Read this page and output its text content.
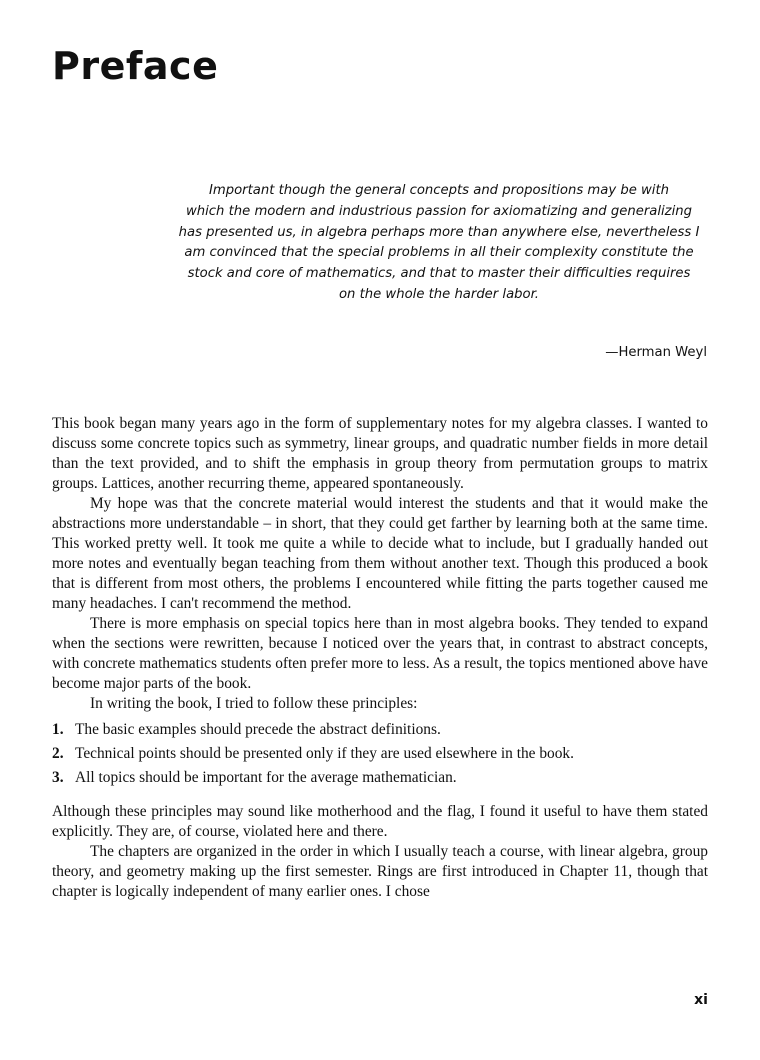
Preface
Important though the general concepts and propositions may be with
which the modern and industrious passion for axiomatizing and generalizing
has presented us, in algebra perhaps more than anywhere else, nevertheless I
am convinced that the special problems in all their complexity constitute the
stock and core of mathematics, and that to master their difficulties requires
on the whole the harder labor.
—Herman Weyl

This book began many years ago in the form of supplementary notes for my algebra classes. I wanted to discuss some concrete topics such as symmetry, linear groups, and quadratic number fields in more detail than the text provided, and to shift the emphasis in group theory from permutation groups to matrix groups. Lattices, another recurring theme, appeared spontaneously.

My hope was that the concrete material would interest the students and that it would make the abstractions more understandable – in short, that they could get farther by learning both at the same time. This worked pretty well. It took me quite a while to decide what to include, but I gradually handed out more notes and eventually began teaching from them without another text. Though this produced a book that is different from most others, the problems I encountered while fitting the parts together caused me many headaches. I can't recommend the method.

There is more emphasis on special topics here than in most algebra books. They tended to expand when the sections were rewritten, because I noticed over the years that, in contrast to abstract concepts, with concrete mathematics students often prefer more to less. As a result, the topics mentioned above have become major parts of the book.

In writing the book, I tried to follow these principles:

1. The basic examples should precede the abstract definitions.
2. Technical points should be presented only if they are used elsewhere in the book.
3. All topics should be important for the average mathematician.

Although these principles may sound like motherhood and the flag, I found it useful to have them stated explicitly. They are, of course, violated here and there.

The chapters are organized in the order in which I usually teach a course, with linear algebra, group theory, and geometry making up the first semester. Rings are first introduced in Chapter 11, though that chapter is logically independent of many earlier ones. I chose

xi
